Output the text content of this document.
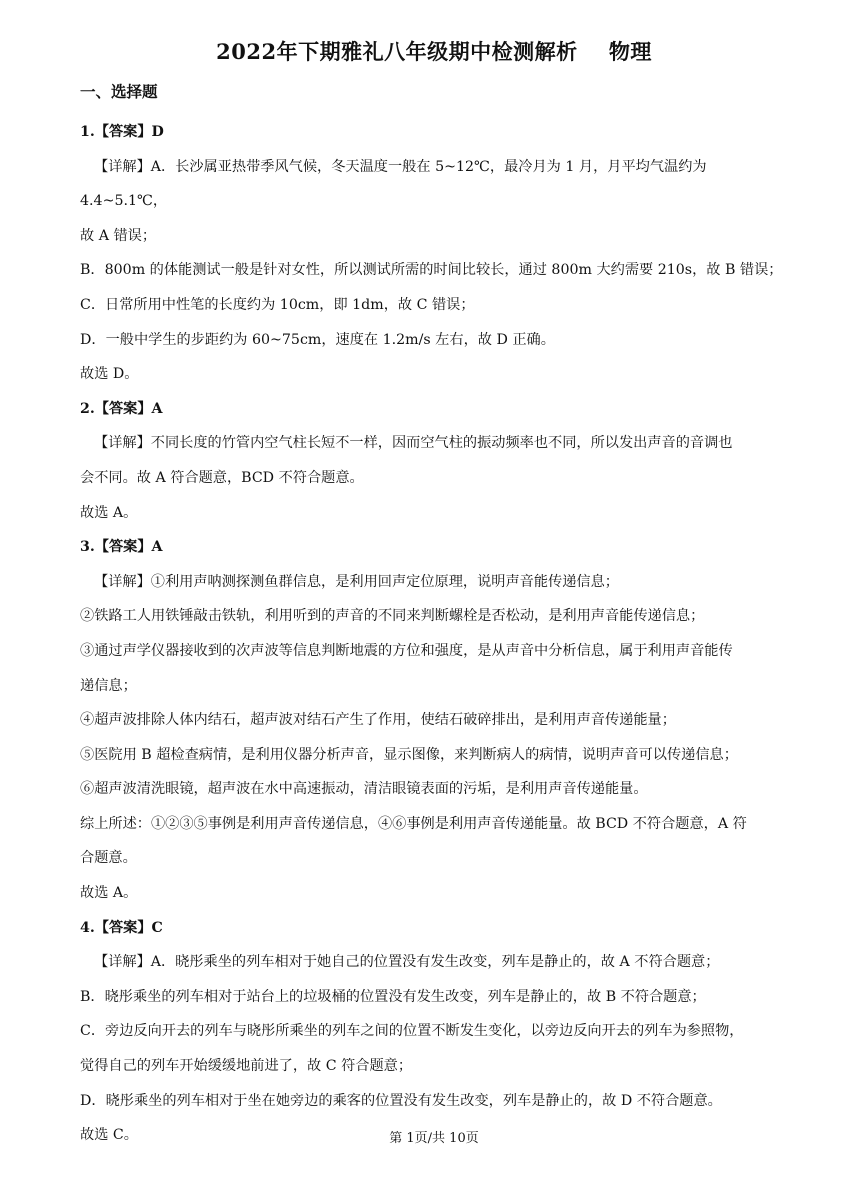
2022年下期雅礼八年级期中检测解析    物理
一、选择题

1.【答案】D

【详解】A．长沙属亚热带季风气候，冬天温度一般在 5~12℃，最冷月为 1 月，月平均气温约为 4.4~5.1℃，

故 A 错误；

B．800m 的体能测试一般是针对女性，所以测试所需的时间比较长，通过 800m 大约需要 210s，故 B 错误；

C．日常所用中性笔的长度约为 10cm，即 1dm，故 C 错误；

D．一般中学生的步距约为 60~75cm，速度在 1.2m/s 左右，故 D 正确。

故选 D。

2.【答案】A

【详解】不同长度的竹管内空气柱长短不一样，因而空气柱的振动频率也不同，所以发出声音的音调也

会不同。故 A 符合题意，BCD 不符合题意。

故选 A。

3.【答案】A

【详解】①利用声呐测探测鱼群信息，是利用回声定位原理，说明声音能传递信息；

②铁路工人用铁锤敲击铁轨，利用听到的声音的不同来判断螺栓是否松动，是利用声音能传递信息；

③通过声学仪器接收到的次声波等信息判断地震的方位和强度，是从声音中分析信息，属于利用声音能传

递信息；

④超声波排除人体内结石，超声波对结石产生了作用，使结石破碎排出，是利用声音传递能量；

⑤医院用 B 超检查病情，是利用仪器分析声音，显示图像，来判断病人的病情，说明声音可以传递信息；

⑥超声波清洗眼镜，超声波在水中高速振动，清洁眼镜表面的污垢，是利用声音传递能量。

综上所述：①②③⑤事例是利用声音传递信息，④⑥事例是利用声音传递能量。故 BCD 不符合题意，A 符

合题意。

故选 A。

4.【答案】C

【详解】A．晓彤乘坐的列车相对于她自己的位置没有发生改变，列车是静止的，故 A 不符合题意；

B．晓彤乘坐的列车相对于站台上的垃圾桶的位置没有发生改变，列车是静止的，故 B 不符合题意；

C．旁边反向开去的列车与晓彤所乘坐的列车之间的位置不断发生变化，以旁边反向开去的列车为参照物，

觉得自己的列车开始缓缓地前进了，故 C 符合题意；

D．晓彤乘坐的列车相对于坐在她旁边的乘客的位置没有发生改变，列车是静止的，故 D 不符合题意。

故选 C。	第 1页/共 10页
